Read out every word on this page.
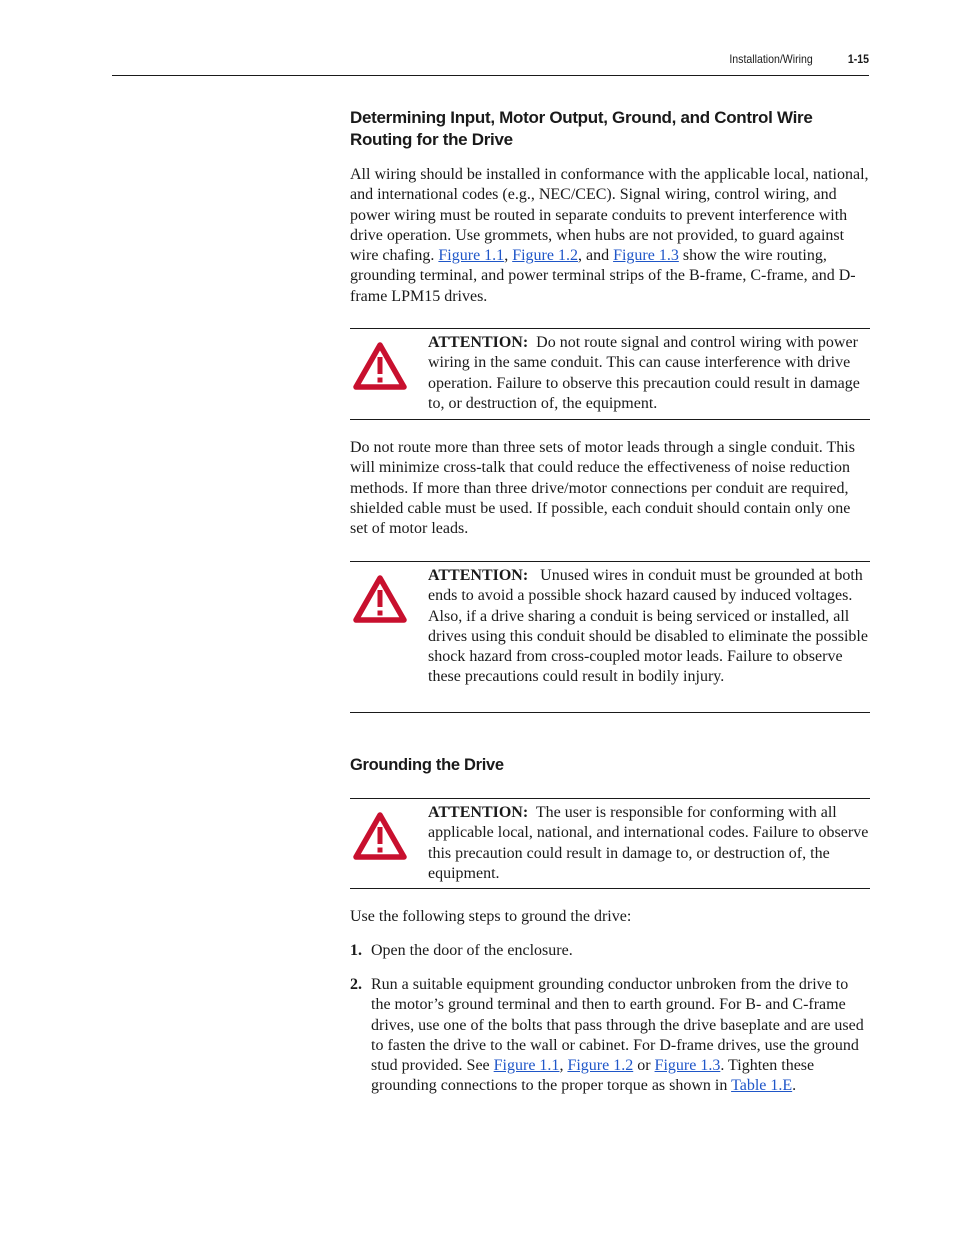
Installation/Wiring	1-15
Determining Input, Motor Output, Ground, and Control Wire Routing for the Drive

All wiring should be installed in conformance with the applicable local, national, and international codes (e.g., NEC/CEC). Signal wiring, control wiring, and power wiring must be routed in separate conduits to prevent interference with drive operation. Use grommets, when hubs are not provided, to guard against wire chafing. Figure 1.1, Figure 1.2, and Figure 1.3 show the wire routing, grounding terminal, and power terminal strips of the B-frame, C-frame, and D-frame LPM15 drives.

ATTENTION: Do not route signal and control wiring with power wiring in the same conduit. This can cause interference with drive operation. Failure to observe this precaution could result in damage to, or destruction of, the equipment.

Do not route more than three sets of motor leads through a single conduit. This will minimize cross-talk that could reduce the effectiveness of noise reduction methods. If more than three drive/motor connections per conduit are required, shielded cable must be used. If possible, each conduit should contain only one set of motor leads.

ATTENTION: Unused wires in conduit must be grounded at both ends to avoid a possible shock hazard caused by induced voltages. Also, if a drive sharing a conduit is being serviced or installed, all drives using this conduit should be disabled to eliminate the possible shock hazard from cross-coupled motor leads. Failure to observe these precautions could result in bodily injury.
Grounding the Drive
ATTENTION: The user is responsible for conforming with all applicable local, national, and international codes. Failure to observe this precaution could result in damage to, or destruction of, the equipment.

Use the following steps to ground the drive:

1. Open the door of the enclosure.
2. Run a suitable equipment grounding conductor unbroken from the drive to the motor’s ground terminal and then to earth ground. For B- and C-frame drives, use one of the bolts that pass through the drive baseplate and are used to fasten the drive to the wall or cabinet. For D-frame drives, use the ground stud provided. See Figure 1.1, Figure 1.2 or Figure 1.3. Tighten these grounding connections to the proper torque as shown in Table 1.E.
